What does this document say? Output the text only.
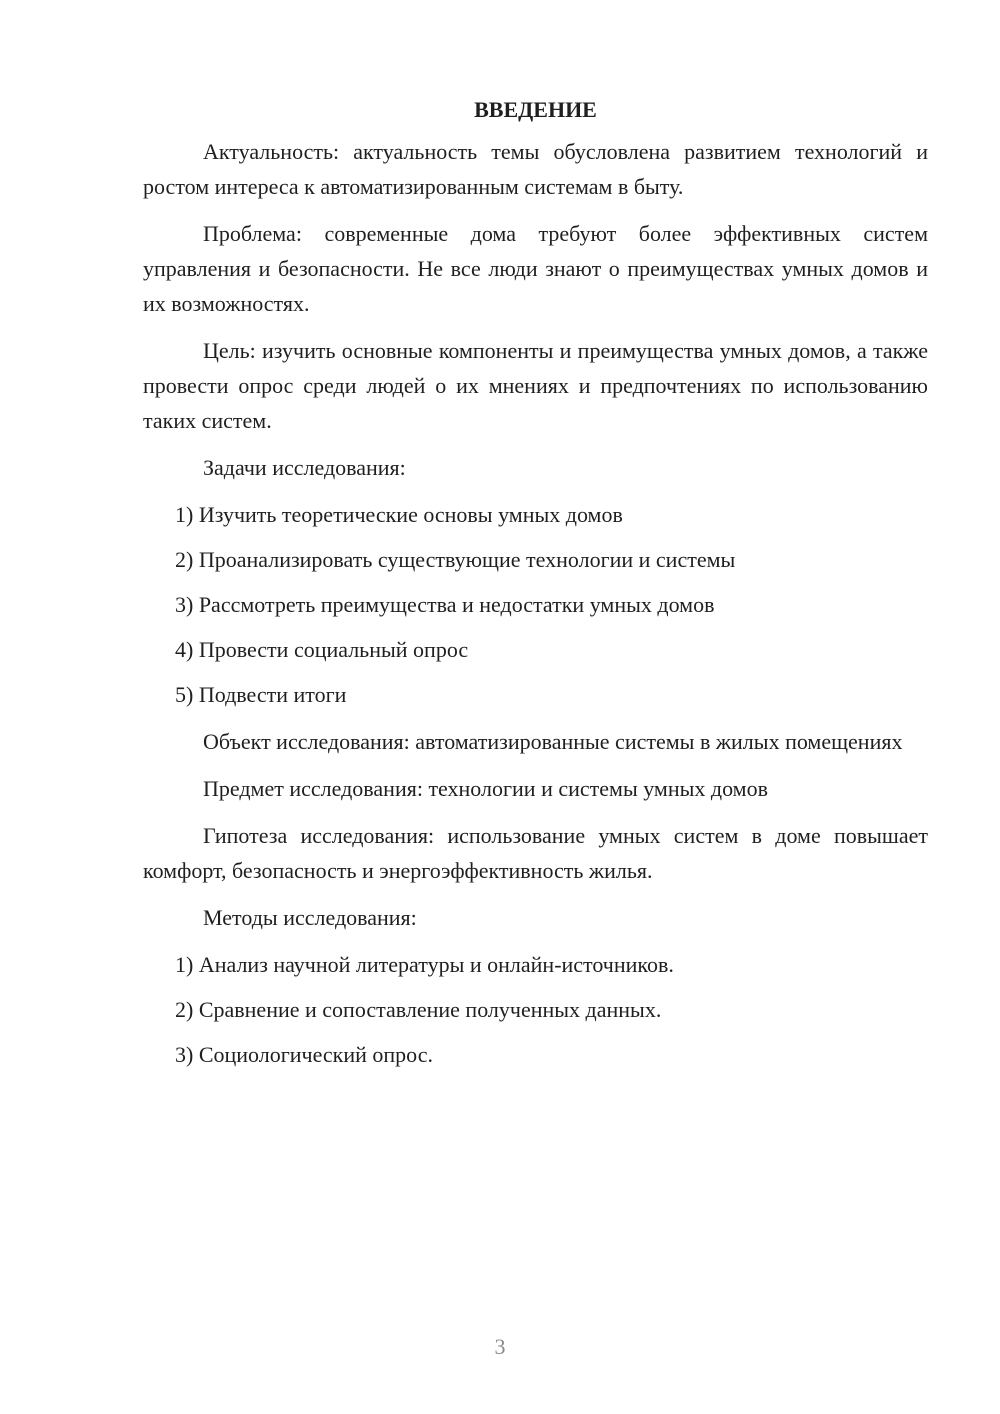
ВВЕДЕНИЕ

Актуальность: актуальность темы обусловлена развитием технологий и ростом интереса к автоматизированным системам в быту.

Проблема: современные дома требуют более эффективных систем управления и безопасности. Не все люди знают о преимуществах умных домов и их возможностях.

Цель: изучить основные компоненты и преимущества умных домов, а также провести опрос среди людей о их мнениях и предпочтениях по использованию таких систем.

Задачи исследования:

1) Изучить теоретические основы умных домов
2) Проанализировать существующие технологии и системы
3) Рассмотреть преимущества и недостатки умных домов
4) Провести социальный опрос
5) Подвести итоги

Объект исследования: автоматизированные системы в жилых помещениях

Предмет исследования: технологии и системы умных домов

Гипотеза исследования: использование умных систем в доме повышает комфорт, безопасность и энергоэффективность жилья.

Методы исследования:

1) Анализ научной литературы и онлайн-источников.
2) Сравнение и сопоставление полученных данных.
3) Социологический опрос.
3
